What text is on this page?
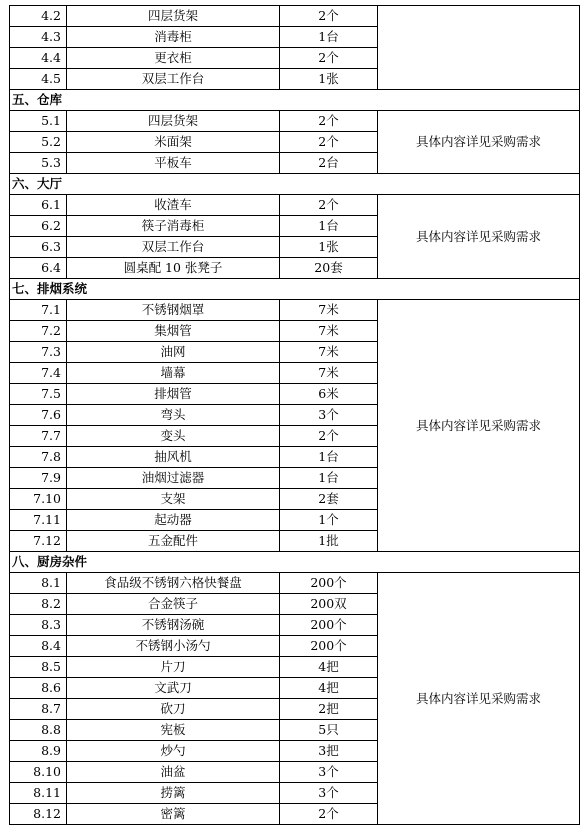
4.2	四层货架	2个	
4.3	消毒柜	1台	
4.4	更衣柜	2个	
4.5	双层工作台	1张	
五、仓库			
5.1	四层货架	2个	具体内容详见采购需求
5.2	米面架	2个	
5.3	平板车	2台	
六、大厅			
6.1	收渣车	2个	具体内容详见采购需求
6.2	筷子消毒柜	1台	
6.3	双层工作台	1张	
6.4	圆桌配 10 张凳子	20套	
七、排烟系统			
7.1	不锈钢烟罩	7米	具体内容详见采购需求
7.2	集烟管	7米	
7.3	油网	7米	
7.4	墙幕	7米	
7.5	排烟管	6米	
7.6	弯头	3个	
7.7	变头	2个	
7.8	抽风机	1台	
7.9	油烟过滤器	1台	
7.10	支架	2套	
7.11	起动器	1个	
7.12	五金配件	1批	
八、厨房杂件			
8.1	食品级不锈钢六格快餐盘	200个	具体内容详见采购需求
8.2	合金筷子	200双	
8.3	不锈钢汤碗	200个	
8.4	不锈钢小汤勺	200个	
8.5	片刀	4把	
8.6	文武刀	4把	
8.7	砍刀	2把	
8.8	宪板	5只	
8.9	炒勺	3把	
8.10	油盆	3个	
8.11	捞篱	3个	
8.12	密篱	2个	
